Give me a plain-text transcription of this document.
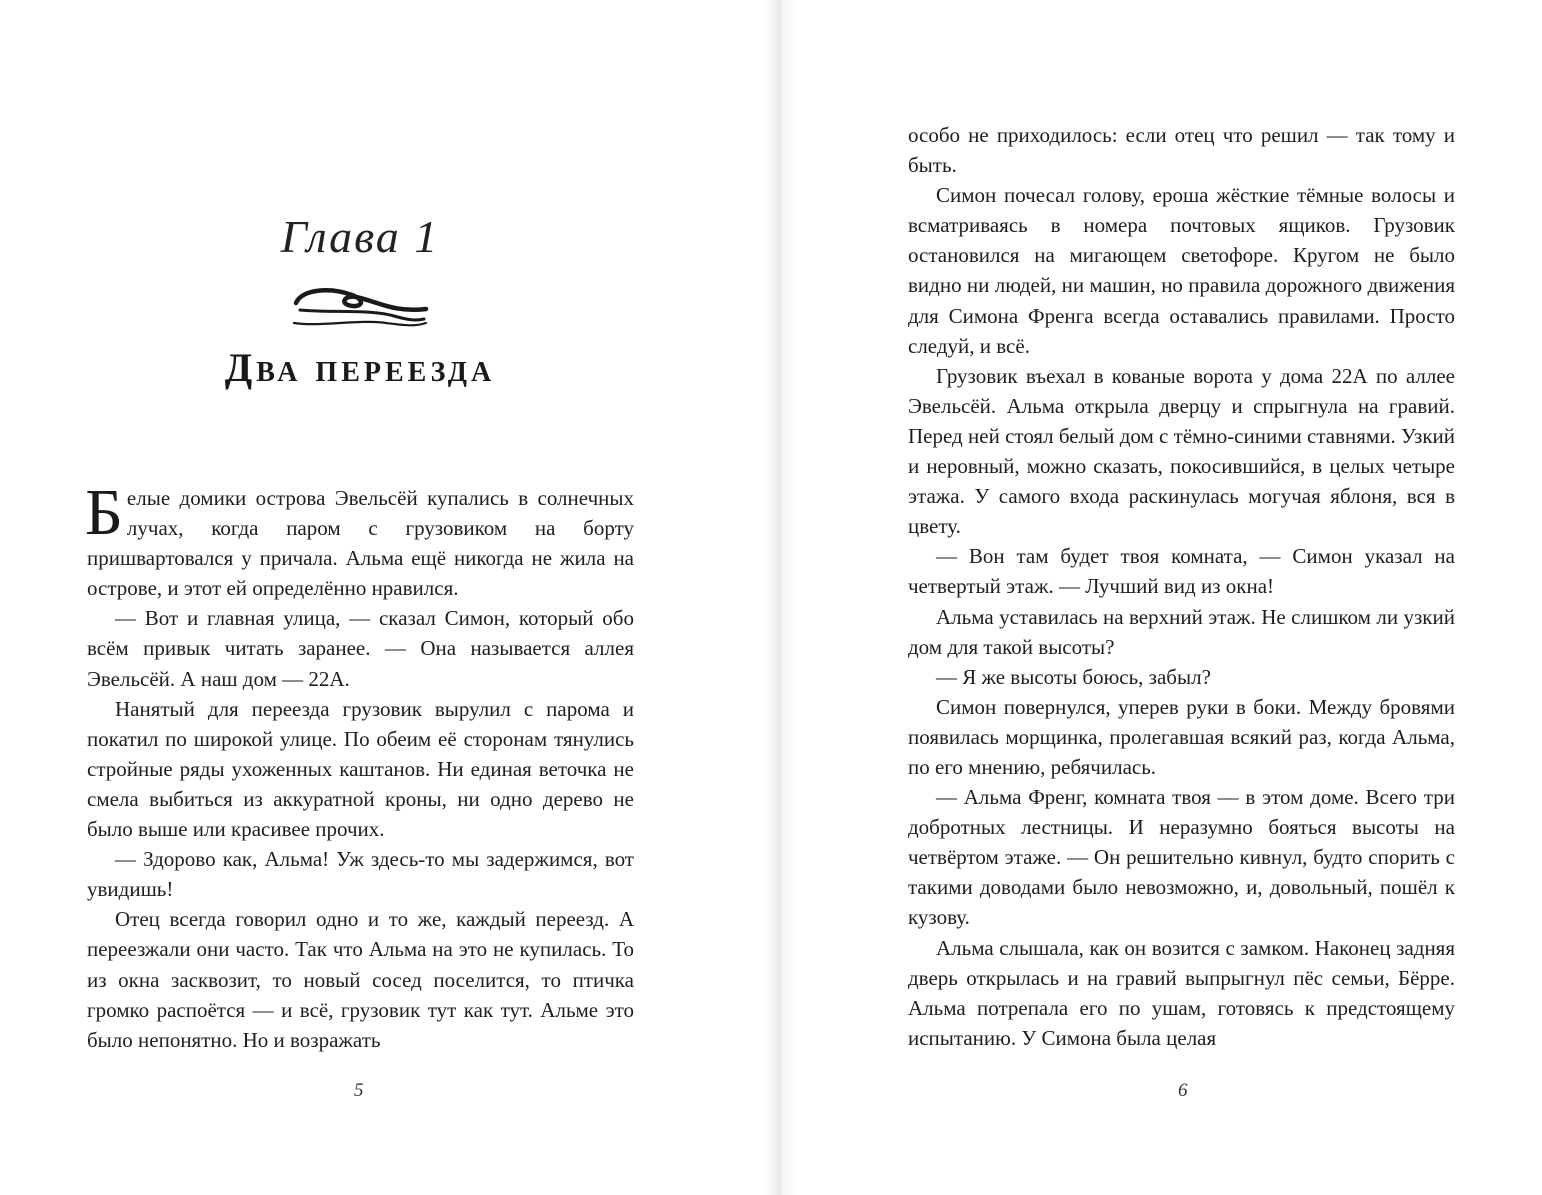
Глава 1
Два переезда

Белые домики острова Эвельсёй купались в солнечных лучах, когда паром с грузовиком на борту пришвартовался у причала. Альма ещё никогда не жила на острове, и этот ей определённо нравился.

— Вот и главная улица, — сказал Симон, который обо всём привык читать заранее. — Она называется аллея Эвельсёй. А наш дом — 22А.

Нанятый для переезда грузовик вырулил с парома и покатил по широкой улице. По обеим её сторонам тянулись стройные ряды ухоженных каштанов. Ни единая веточка не смела выбиться из аккуратной кроны, ни одно дерево не было выше или красивее прочих.

— Здорово как, Альма! Уж здесь-то мы задержимся, вот увидишь!

Отец всегда говорил одно и то же, каждый переезд. А переезжали они часто. Так что Альма на это не купилась. То из окна засквозит, то новый сосед поселится, то птичка громко распоётся — и всё, грузовик тут как тут. Альме это было непонятно. Но и возражать

5

особо не приходилось: если отец что решил — так тому и быть.

Симон почесал голову, ероша жёсткие тёмные волосы и всматриваясь в номера почтовых ящиков. Грузовик остановился на мигающем светофоре. Кругом не было видно ни людей, ни машин, но правила дорожного движения для Симона Френга всегда оставались правилами. Просто следуй, и всё.

Грузовик въехал в кованые ворота у дома 22А по аллее Эвельсёй. Альма открыла дверцу и спрыгнула на гравий. Перед ней стоял белый дом с тёмно-синими ставнями. Узкий и неровный, можно сказать, покосившийся, в целых четыре этажа. У самого входа раскинулась могучая яблоня, вся в цвету.

— Вон там будет твоя комната, — Симон указал на четвертый этаж. — Лучший вид из окна!

Альма уставилась на верхний этаж. Не слишком ли узкий дом для такой высоты?

— Я же высоты боюсь, забыл?

Симон повернулся, уперев руки в боки. Между бровями появилась морщинка, пролегавшая всякий раз, когда Альма, по его мнению, ребячилась.

— Альма Френг, комната твоя — в этом доме. Всего три добротных лестницы. И неразумно бояться высоты на четвёртом этаже. — Он решительно кивнул, будто спорить с такими доводами было невозможно, и, довольный, пошёл к кузову.

Альма слышала, как он возится с замком. Наконец задняя дверь открылась и на гравий выпрыгнул пёс семьи, Бёрре. Альма потрепала его по ушам, готовясь к предстоящему испытанию. У Симона была целая

6
